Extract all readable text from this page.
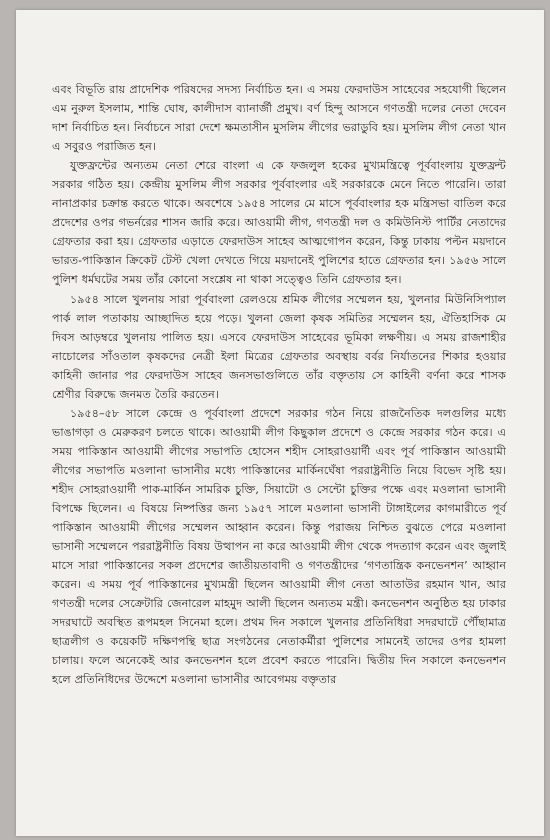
এবং বিভূতি রায় প্রাদেশিক পরিষদের সদস্য নির্বাচিত হন। এ সময় ফেরদাউস সাহেবের সহযোগী ছিলেন এম নুরুল ইসলাম, শান্তি ঘোষ, কালীদাস ব্যানার্জী প্রমুখ। বর্ণ হিন্দু আসনে গণতন্ত্রী দলের নেতা দেবেন দাশ নির্বাচিত হন। নির্বাচনে সারা দেশে ক্ষমতাসীন মুসলিম লীগের ভরাডুবি হয়। মুসলিম লীগ নেতা খান এ সবুরও পরাজিত হন।

যুক্তফ্রন্টের অন্যতম নেতা শেরে বাংলা এ কে ফজলুল হকের মুখ্যমন্ত্রিত্বে পূর্ববাংলায় যুক্তফ্রন্ট সরকার গঠিত হয়। কেন্দ্রীয় মুসলিম লীগ সরকার পূর্ববাংলার এই সরকারকে মেনে নিতে পারেনি। তারা নানাপ্রকার চক্রান্ত করতে থাকে। অবশেষে ১৯৫৪ সালের মে মাসে পূর্ববাংলার হক মন্ত্রিসভা বাতিল করে প্রদেশের ওপর গভর্নরের শাসন জারি করে। আওয়ামী লীগ, গণতন্ত্রী দল ও কমিউনিস্ট পার্টির নেতাদের গ্রেফতার করা হয়। গ্রেফতার এড়াতে ফেরদাউস সাহেব আত্মগোপন করেন, কিন্তু ঢাকায় পল্টন ময়দানে ভারত-পাকিস্তান ক্রিকেট টেস্ট খেলা দেখতে গিয়ে ময়দানেই পুলিশের হাতে গ্রেফতার হন। ১৯৫৬ সালে পুলিশ ধর্মঘটের সময় তাঁর কোনো সংশ্লেষ না থাকা সত্ত্বেও তিনি গ্রেফতার হন।

১৯৫৪ সালে খুলনায় সারা পূর্ববাংলা রেলওয়ে শ্রমিক লীগের সম্মেলন হয়, খুলনার মিউনিসিপ্যাল পার্ক লাল পতাকায় আচ্ছাদিত হয়ে পড়ে। খুলনা জেলা কৃষক সমিতির সম্মেলন হয়, ঐতিহাসিক মে দিবস আড়ম্বরে খুলনায় পালিত হয়। এসবে ফেরদাউস সাহেবের ভূমিকা লক্ষণীয়। এ সময় রাজশাহীর নাচোলের সাঁওতাল কৃষকদের নেত্রী ইলা মিত্রের গ্রেফতার অবস্থায় বর্বর নির্যাতনের শিকার হওয়ার কাহিনী জানার পর ফেরদাউস সাহেব জনসভাগুলিতে তাঁর বক্তৃতায় সে কাহিনী বর্ণনা করে শাসক শ্রেণীর বিরুদ্ধে জনমত তৈরি করতেন।

১৯৫৪–৫৮ সালে কেন্দ্রে ও পূর্ববাংলা প্রদেশে সরকার গঠন নিয়ে রাজনৈতিক দলগুলির মধ্যে ভাঙাগড়া ও মেরুকরণ চলতে থাকে। আওয়ামী লীগ কিছুকাল প্রদেশে ও কেন্দ্রে সরকার গঠন করে। এ সময় পাকিস্তান আওয়ামী লীগের সভাপতি হোসেন শহীদ সোহরাওয়ার্দী এবং পূর্ব পাকিস্তান আওয়ামী লীগের সভাপতি মওলানা ভাসানীর মধ্যে পাকিস্তানের মার্কিনঘেঁষা পররাষ্ট্রনীতি নিয়ে বিভেদ সৃষ্টি হয়। শহীদ সোহরাওয়ার্দী পাক-মার্কিন সামরিক চুক্তি, সিয়াটো ও সেন্টো চুক্তির পক্ষে এবং মওলানা ভাসানী বিপক্ষে ছিলেন। এ বিষয়ে নিষ্পত্তির জন্য ১৯৫৭ সালে মওলানা ভাসানী টাঙ্গাইলের কাগমারীতে পূর্ব পাকিস্তান আওয়ামী লীগের সম্মেলন আহ্বান করেন। কিন্তু পরাজয় নিশ্চিত বুঝতে পেরে মওলানা ভাসানী সম্মেলনে পররাষ্ট্রনীতি বিষয় উত্থাপন না করে আওয়ামী লীগ থেকে পদত্যাগ করেন এবং জুলাই মাসে সারা পাকিস্তানের সকল প্রদেশের জাতীয়তাবাদী ও গণতন্ত্রীদের ‘গণতান্ত্রিক কনভেনশন’ আহ্বান করেন। এ সময় পূর্ব পাকিস্তানের মুখ্যমন্ত্রী ছিলেন আওয়ামী লীগ নেতা আতাউর রহমান খান, আর গণতন্ত্রী দলের সেক্রেটারি জেনারেল মাহমুদ আলী ছিলেন অন্যতম মন্ত্রী। কনভেনশন অনুষ্ঠিত হয় ঢাকার সদরঘাটে অবস্থিত রূপমহল সিনেমা হলে। প্রথম দিন সকালে খুলনার প্রতিনিধিরা সদরঘাটে পৌঁছামাত্র ছাত্রলীগ ও কয়েকটি দক্ষিণপন্থি ছাত্র সংগঠনের নেতাকর্মীরা পুলিশের সামনেই তাদের ওপর হামলা চালায়। ফলে অনেকেই আর কনভেনশন হলে প্রবেশ করতে পারেনি। দ্বিতীয় দিন সকালে কনভেনশন হলে প্রতিনিধিদের উদ্দেশে মওলানা ভাসানীর আবেগময় বক্তৃতার
